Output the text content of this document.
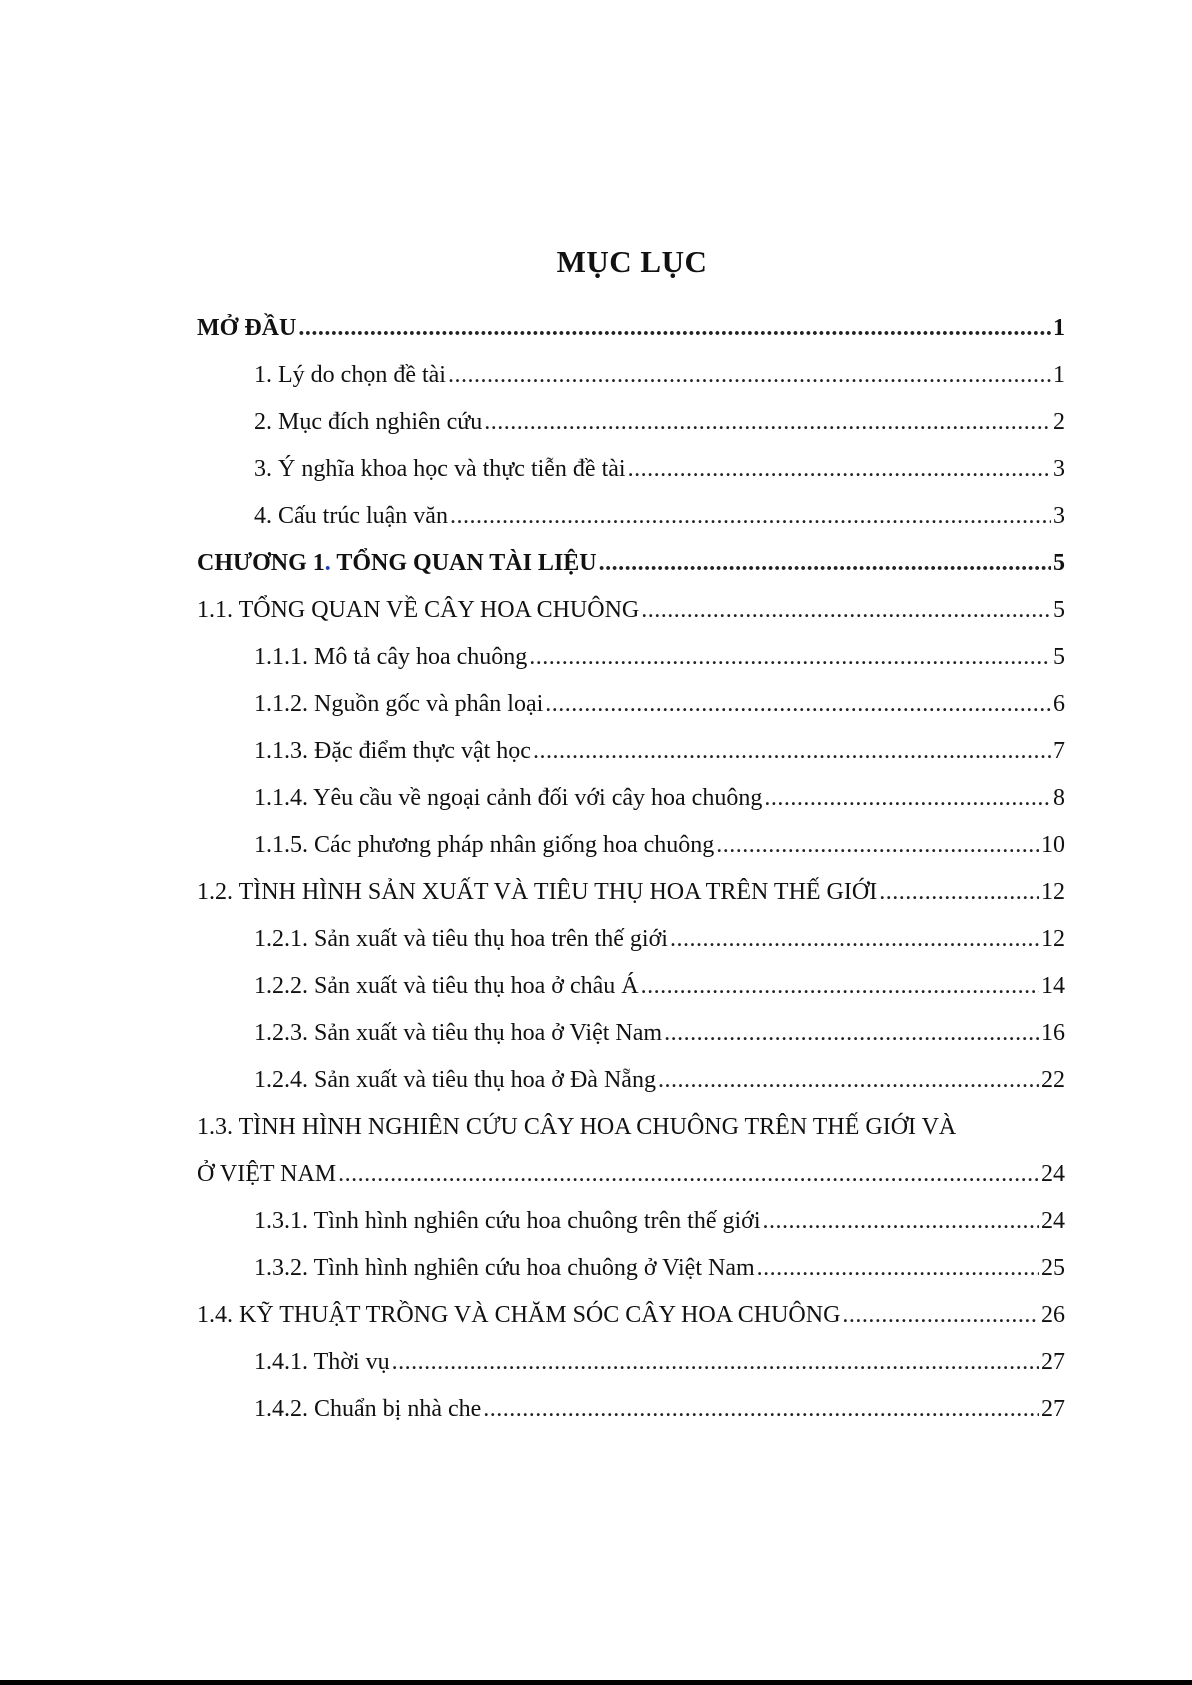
MỤC LỤC
MỞ ĐẦU .....	1
1. Lý do chọn đề tài .....	1
2. Mục đích nghiên cứu .....	2
3. Ý nghĩa khoa học và thực tiễn đề tài .....	3
4. Cấu trúc luận văn .....	3
CHƯƠNG 1. TỔNG QUAN TÀI LIỆU .....	5
1.1. TỔNG QUAN VỀ CÂY HOA CHUÔNG .....	5
1.1.1. Mô tả cây hoa chuông .....	5
1.1.2. Nguồn gốc và phân loại .....	6
1.1.3. Đặc điểm thực vật học .....	7
1.1.4. Yêu cầu về ngoại cảnh đối với cây hoa chuông .....	8
1.1.5. Các phương pháp nhân giống hoa chuông .....	10
1.2. TÌNH HÌNH SẢN XUẤT VÀ TIÊU THỤ HOA TRÊN THẾ GIỚI .....	12
1.2.1. Sản xuất và tiêu thụ hoa trên thế giới .....	12
1.2.2. Sản xuất và tiêu thụ hoa ở châu Á .....	14
1.2.3. Sản xuất và tiêu thụ hoa ở Việt Nam .....	16
1.2.4. Sản xuất và tiêu thụ hoa ở Đà Nẵng .....	22
1.3. TÌNH HÌNH NGHIÊN CỨU CÂY HOA CHUÔNG TRÊN THẾ GIỚI VÀ
Ở VIỆT NAM .....	24
1.3.1. Tình hình nghiên cứu hoa chuông trên thế giới .....	24
1.3.2. Tình hình nghiên cứu hoa chuông ở Việt Nam .....	25
1.4. KỸ THUẬT TRỒNG VÀ CHĂM SÓC CÂY HOA CHUÔNG .....	26
1.4.1. Thời vụ .....	27
1.4.2. Chuẩn bị nhà che .....	27
